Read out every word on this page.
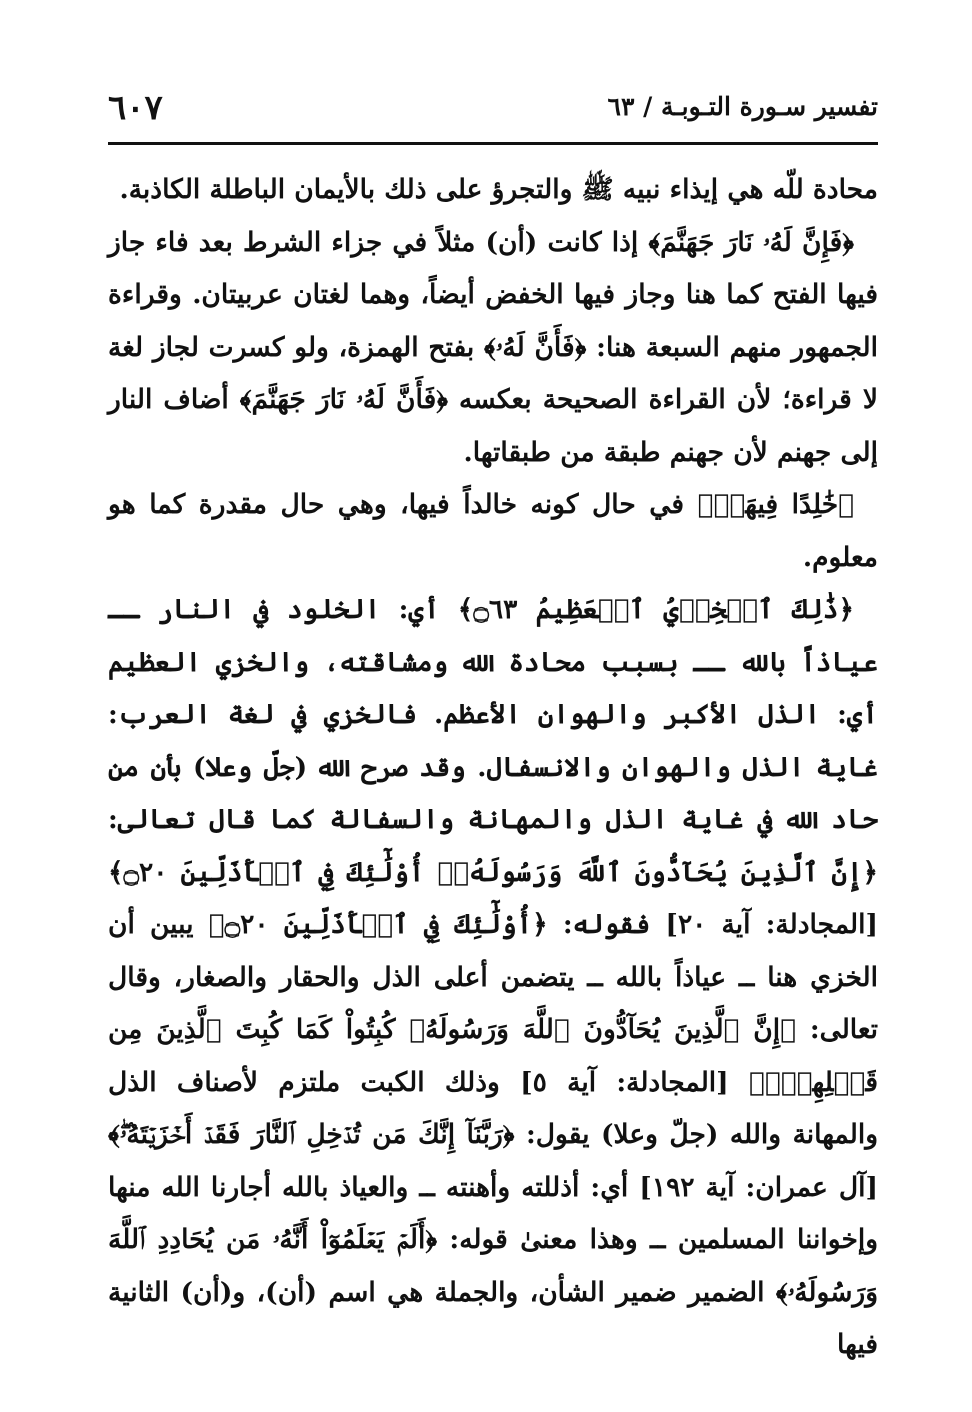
تفسير سـورة التـوبـة / ٦٣
٦٠٧

محادة للّه هي إيذاء نبيه ﷺ والتجرؤ على ذلك بالأيمان الباطلة الكاذبة.

﴿فَإِنَّ لَهُۥ نَارَ جَهَنَّمَ﴾ إذا كانت (أن) مثلاً في جزاء الشرط بعد فاء جاز فيها الفتح كما هنا وجاز فيها الخفض أيضاً، وهما لغتان عربيتان. وقراءة الجمهور منهم السبعة هنا: ﴿فَأَنَّ لَهُۥ﴾ بفتح الهمزة، ولو كسرت لجاز لغة لا قراءة؛ لأن القراءة الصحيحة بعكسه ﴿فَأَنَّ لَهُۥ نَارَ جَهَنَّمَ﴾ أضاف النار إلى جهنم لأن جهنم طبقة من طبقاتها.

﴿خَٰلِدًا فِيهَاۚ﴾ في حال كونه خالداً فيها، وهي حال مقدرة كما هو معلوم.

﴿ذَٰلِكَ ٱلۡخِزۡيُ ٱلۡعَظِيمُ ۝٦٣﴾ أي: الخلود في النار ــ عياذاً بالله ــ بسبب محادة الله ومشاقته، والخزي العظيم أي: الذل الأكبر والهوان الأعظم. فالخزي في لغة العرب: غاية الذل والهوان والانسفال. وقد صرح الله (جلّ وعلا) بأن من حاد الله في غاية الذل والمهانة والسفالة كما قال تعالى: ﴿إِنَّ ٱلَّذِينَ يُحَآدُّونَ ٱللَّهَ وَرَسُولَهُۥٓ أُوْلَٰٓئِكَ فِي ٱلۡأَذَلِّينَ ۝٢٠﴾ [المجادلة: آية ٢٠] فقوله: ﴿أُوْلَٰٓئِكَ فِي ٱلۡأَذَلِّينَ ۝٢٠﴾ يبين أن الخزي هنا ــ عياذاً بالله ــ يتضمن أعلى الذل والحقار والصغار، وقال تعالى: ﴿إِنَّ ٱلَّذِينَ يُحَآدُّونَ ٱللَّهَ وَرَسُولَهُۥ كُبِتُواْ كَمَا كُبِتَ ٱلَّذِينَ مِن قَبۡلِهِمۡۚ﴾ [المجادلة: آية ٥] وذلك الكبت ملتزم لأصناف الذل والمهانة والله (جلّ وعلا) يقول: ﴿رَبَّنَآ إِنَّكَ مَن تُدۡخِلِ ٱلنَّارَ فَقَدۡ أَخۡزَيۡتَهُۥۖ﴾ [آل عمران: آية ١٩٢] أي: أذللته وأهنته ــ والعياذ بالله أجارنا الله منها وإخواننا المسلمين ــ وهذا معنىٰ قوله: ﴿أَلَمۡ يَعۡلَمُوٓاْ أَنَّهُۥ مَن يُحَادِدِ ٱللَّهَ وَرَسُولَهُۥ﴾ الضمير ضمير الشأن، والجملة هي اسم (أن)، و(أن) الثانية فيها
